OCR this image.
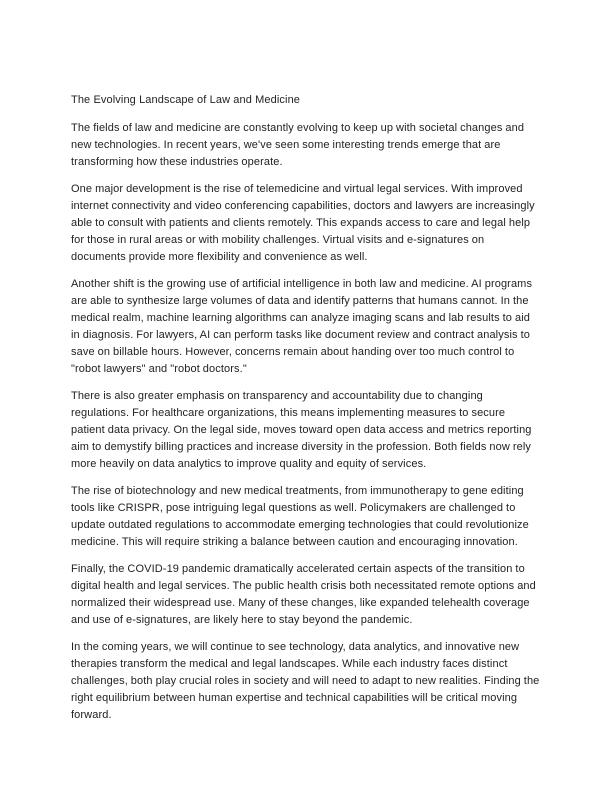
The Evolving Landscape of Law and Medicine

The fields of law and medicine are constantly evolving to keep up with societal changes and new technologies. In recent years, we've seen some interesting trends emerge that are transforming how these industries operate.

One major development is the rise of telemedicine and virtual legal services. With improved internet connectivity and video conferencing capabilities, doctors and lawyers are increasingly able to consult with patients and clients remotely. This expands access to care and legal help for those in rural areas or with mobility challenges. Virtual visits and e-signatures on documents provide more flexibility and convenience as well.

Another shift is the growing use of artificial intelligence in both law and medicine. AI programs are able to synthesize large volumes of data and identify patterns that humans cannot. In the medical realm, machine learning algorithms can analyze imaging scans and lab results to aid in diagnosis. For lawyers, AI can perform tasks like document review and contract analysis to save on billable hours. However, concerns remain about handing over too much control to "robot lawyers" and "robot doctors."

There is also greater emphasis on transparency and accountability due to changing regulations. For healthcare organizations, this means implementing measures to secure patient data privacy. On the legal side, moves toward open data access and metrics reporting aim to demystify billing practices and increase diversity in the profession. Both fields now rely more heavily on data analytics to improve quality and equity of services.

The rise of biotechnology and new medical treatments, from immunotherapy to gene editing tools like CRISPR, pose intriguing legal questions as well. Policymakers are challenged to update outdated regulations to accommodate emerging technologies that could revolutionize medicine. This will require striking a balance between caution and encouraging innovation.

Finally, the COVID-19 pandemic dramatically accelerated certain aspects of the transition to digital health and legal services. The public health crisis both necessitated remote options and normalized their widespread use. Many of these changes, like expanded telehealth coverage and use of e-signatures, are likely here to stay beyond the pandemic.

In the coming years, we will continue to see technology, data analytics, and innovative new therapies transform the medical and legal landscapes. While each industry faces distinct challenges, both play crucial roles in society and will need to adapt to new realities. Finding the right equilibrium between human expertise and technical capabilities will be critical moving forward.
